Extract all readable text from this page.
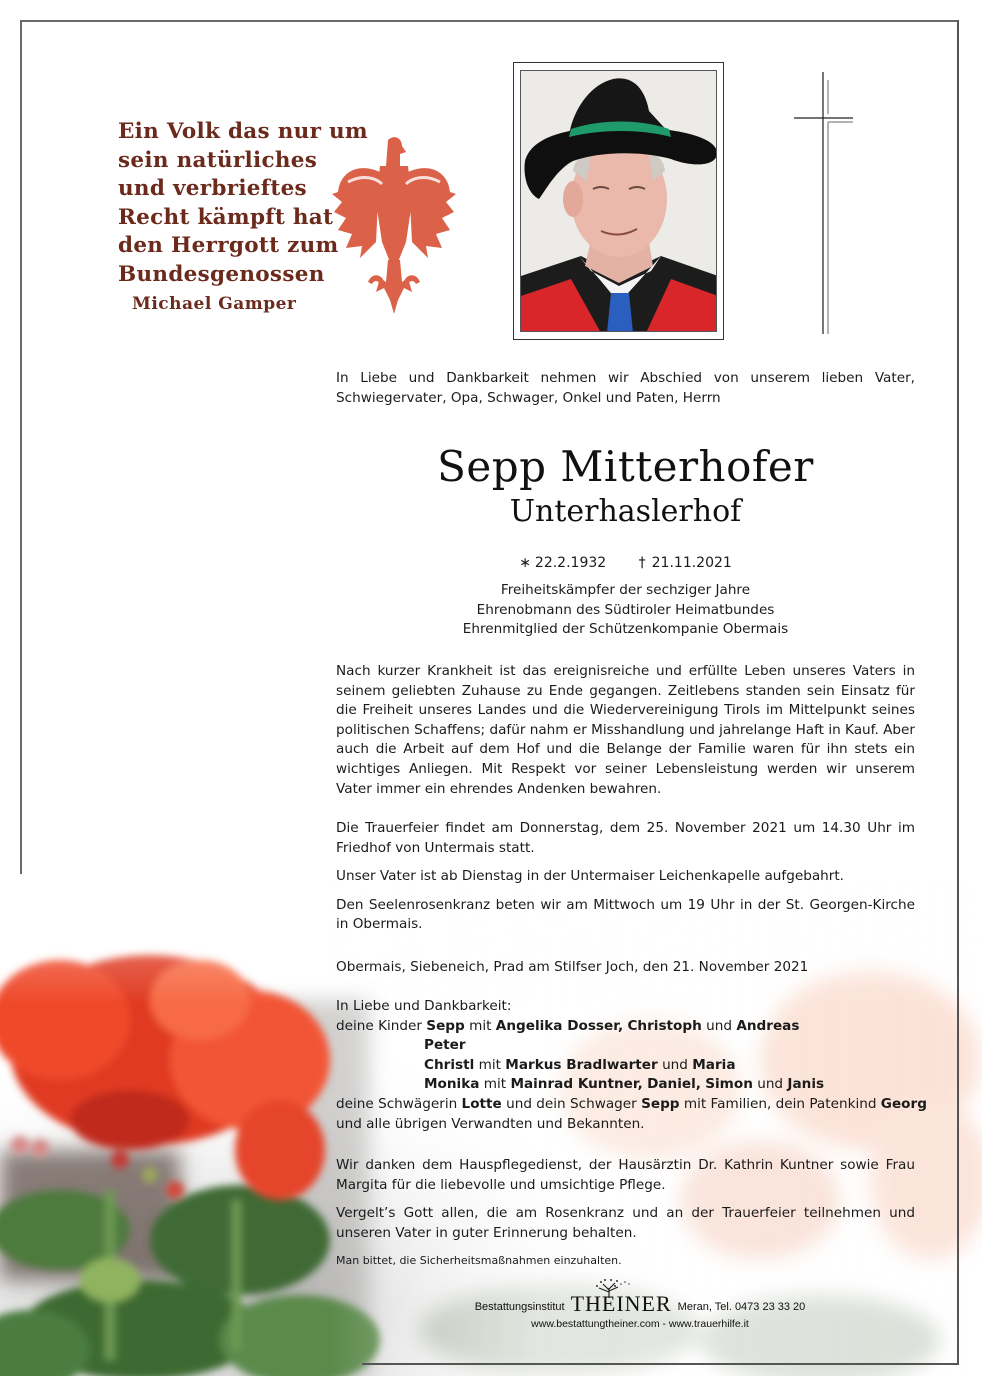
Ein Volk das nur um
sein natürliches
und verbrieftes
Recht kämpft hat
den Herrgott zum
Bundesgenossen
Michael Gamper
In Liebe und Dankbarkeit nehmen wir Abschied von unserem lieben Vater, Schwiegervater, Opa, Schwager, Onkel und Paten, Herrn
Sepp Mitterhofer
Unterhaslerhof
∗ 22.2.1932 † 21.11.2021
Freiheitskämpfer der sechziger Jahre
Ehrenobmann des Südtiroler Heimatbundes
Ehrenmitglied der Schützenkompanie Obermais
Nach kurzer Krankheit ist das ereignisreiche und erfüllte Leben unseres Vaters in seinem geliebten Zuhause zu Ende gegangen. Zeitlebens standen sein Einsatz für die Freiheit unseres Landes und die Wiedervereinigung Tirols im Mittelpunkt seines politischen Schaffens; dafür nahm er Misshandlung und jahrelange Haft in Kauf. Aber auch die Arbeit auf dem Hof und die Belange der Familie waren für ihn stets ein wichtiges Anliegen. Mit Respekt vor seiner Lebensleistung werden wir unserem Vater immer ein ehrendes Andenken bewahren.
Die Trauerfeier findet am Donnerstag, dem 25. November 2021 um 14.30 Uhr im Friedhof von Untermais statt.
Unser Vater ist ab Dienstag in der Untermaiser Leichenkapelle aufgebahrt.
Den Seelenrosenkranz beten wir am Mittwoch um 19 Uhr in der St. Georgen-Kirche in Obermais.
Obermais, Siebeneich, Prad am Stilfser Joch, den 21. November 2021
In Liebe und Dankbarkeit:
deine Kinder Sepp mit Angelika Dosser, Christoph und Andreas
Peter
Christl mit Markus Bradlwarter und Maria
Monika mit Mainrad Kuntner, Daniel, Simon und Janis
deine Schwägerin Lotte und dein Schwager Sepp mit Familien, dein Patenkind Georg
und alle übrigen Verwandten und Bekannten.
Wir danken dem Hauspflegedienst, der Hausärztin Dr. Kathrin Kuntner sowie Frau Margita für die liebevolle und umsichtige Pflege.
Vergelt’s Gott allen, die am Rosenkranz und an der Trauerfeier teilnehmen und unseren Vater in guter Erinnerung behalten.
Man bittet, die Sicherheitsmaßnahmen einzuhalten.
Bestattungsinstitut THEINER Meran, Tel. 0473 23 33 20
www.bestattungtheiner.com - www.trauerhilfe.it
